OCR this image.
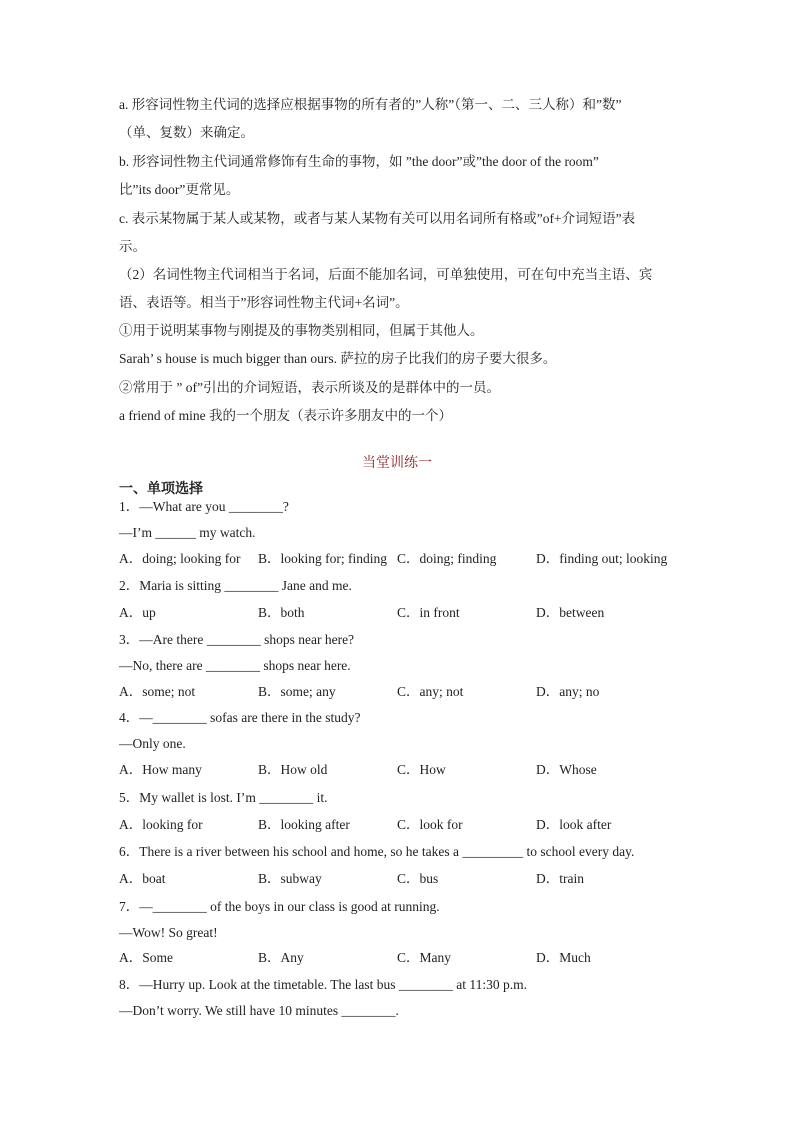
a. 形容词性物主代词的选择应根据事物的所有者的”人称”（第一、二、三人称）和”数”
（单、复数）来确定。
b. 形容词性物主代词通常修饰有生命的事物，如 ”the door”或”the door of the room”
比”its door”更常见。
c. 表示某物属于某人或某物，或者与某人某物有关可以用名词所有格或”of+介词短语”表
示。
（2）名词性物主代词相当于名词，后面不能加名词，可单独使用，可在句中充当主语、宾
语、表语等。相当于”形容词性物主代词+名词”。
①用于说明某事物与刚提及的事物类别相同，但属于其他人。
Sarah’ s house is much bigger than ours. 萨拉的房子比我们的房子要大很多。
②常用于 ” of”引出的介词短语，表示所谈及的是群体中的一员。
a friend of mine 我的一个朋友（表示许多朋友中的一个）
当堂训练一
一、单项选择
1．—What are you ________?
—I’m ______ my watch.
A．doing; looking for B．looking for; finding C．doing; finding	D．finding out; looking
2．Maria is sitting ________ Jane and me.
A．up	B．both	C．in front	D．between
3．—Are there ________ shops near here?
—No, there are ________ shops near here.
A．some; not	B．some; any	C．any; not	D．any; no
4．—________ sofas are there in the study?
—Only one.
A．How many	B．How old	C．How	D．Whose
5．My wallet is lost. I’m ________ it.
A．looking for	B．looking after	C．look for	D．look after
6．There is a river between his school and home, so he takes a _________ to school every day.
A．boat	B．subway	C．bus	D．train
7．—________ of the boys in our class is good at running.
—Wow! So great!
A．Some	B．Any	C．Many	D．Much
8．—Hurry up. Look at the timetable. The last bus ________ at 11:30 p.m.
—Don’t worry. We still have 10 minutes ________.
